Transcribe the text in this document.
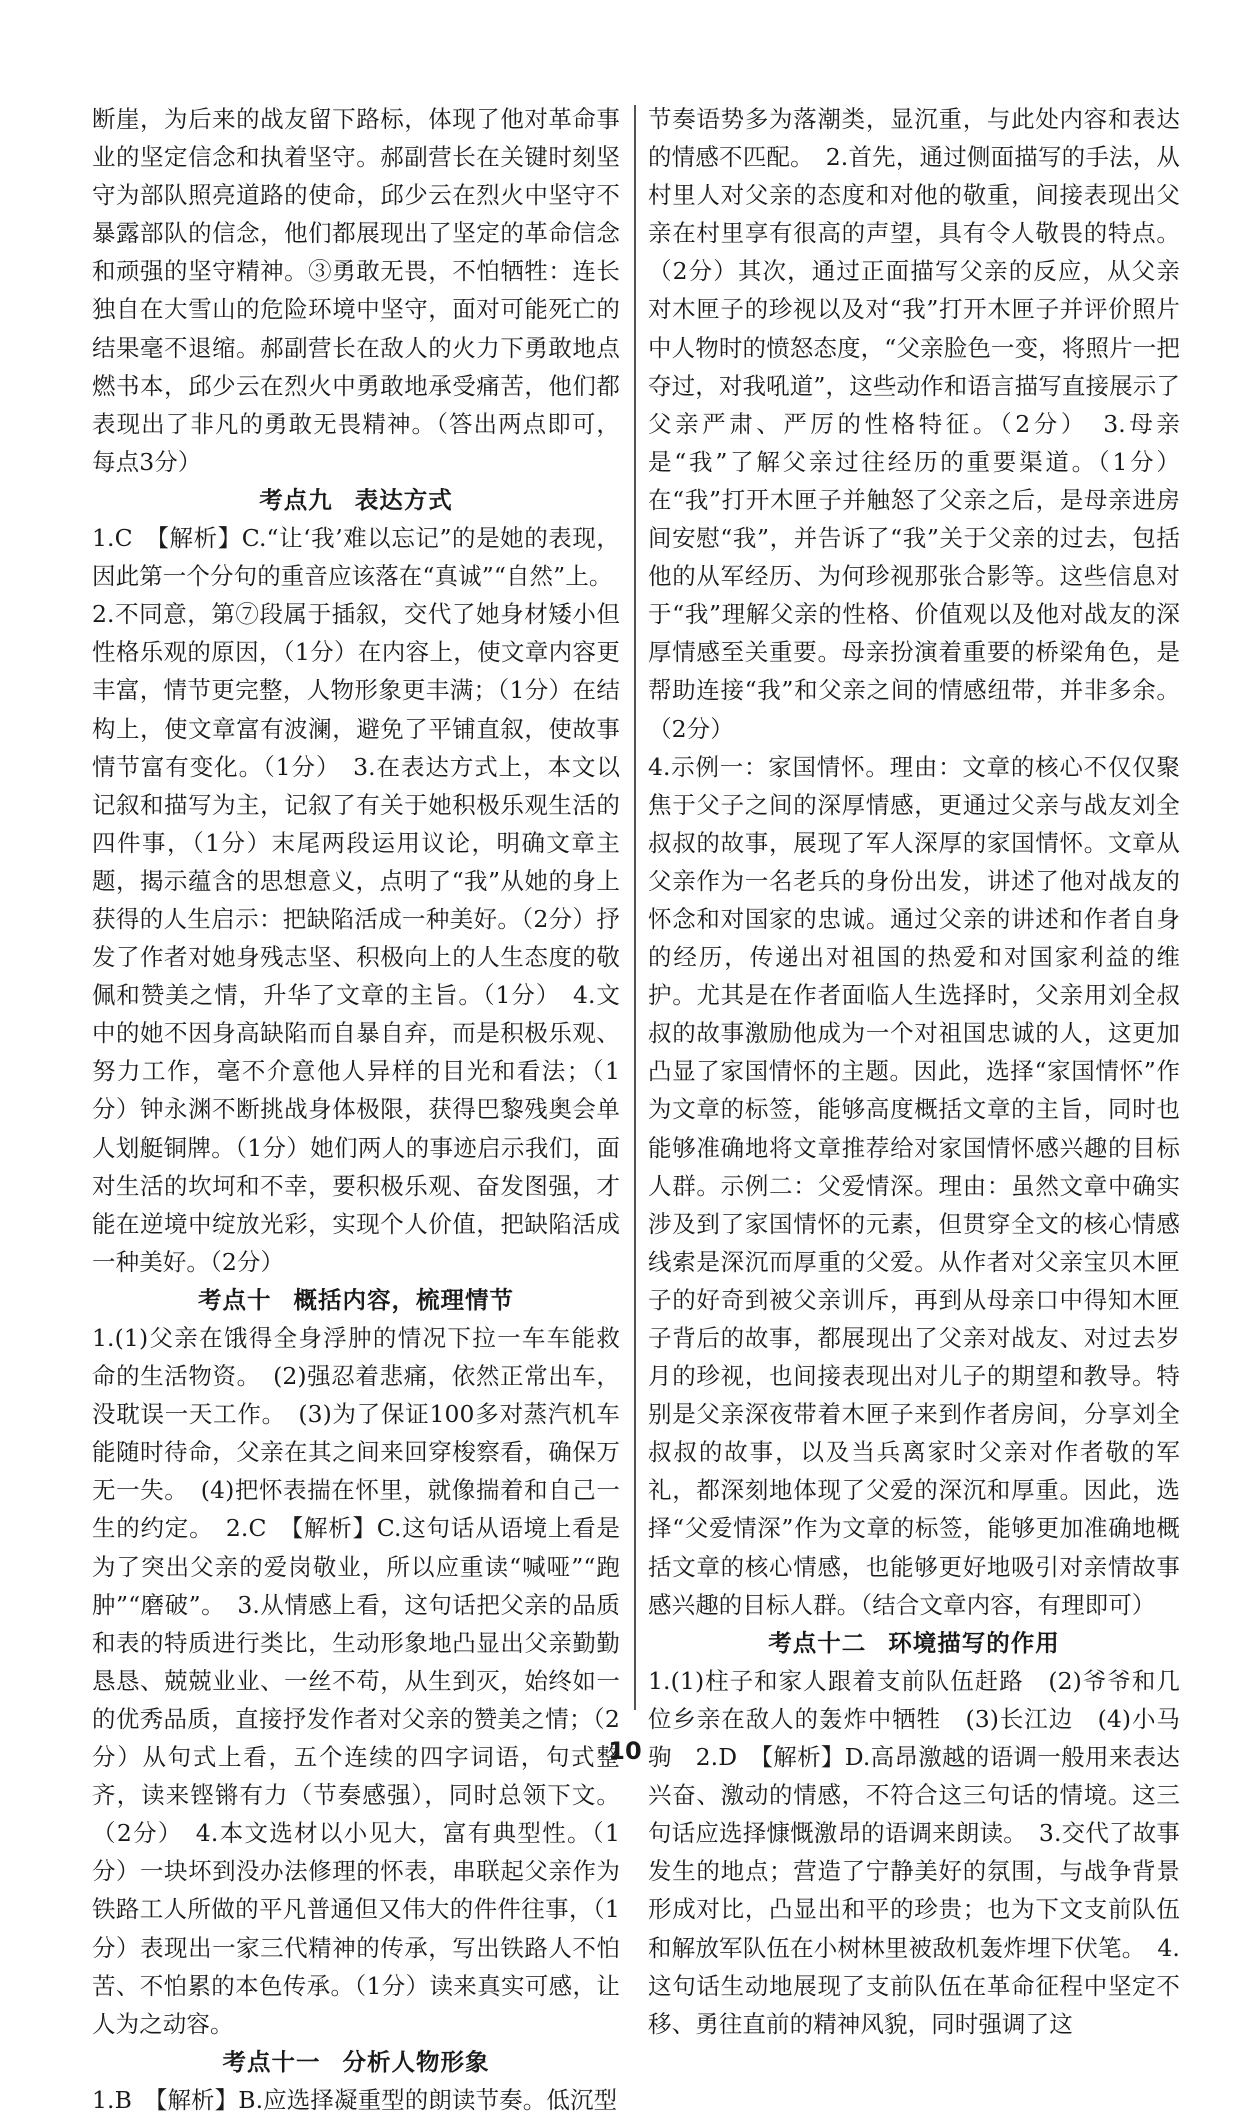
断崖，为后来的战友留下路标，体现了他对革命事业的坚定信念和执着坚守。郝副营长在关键时刻坚守为部队照亮道路的使命，邱少云在烈火中坚守不暴露部队的信念，他们都展现出了坚定的革命信念和顽强的坚守精神。③勇敢无畏，不怕牺牲：连长独自在大雪山的危险环境中坚守，面对可能死亡的结果毫不退缩。郝副营长在敌人的火力下勇敢地点燃书本，邱少云在烈火中勇敢地承受痛苦，他们都表现出了非凡的勇敢无畏精神。（答出两点即可，每点3分）

考点九 表达方式

1.C　【解析】C.“让‘我’难以忘记”的是她的表现，因此第一个分句的重音应该落在“真诚”“自然”上。

2.不同意，第⑦段属于插叙，交代了她身材矮小但性格乐观的原因，（1分）在内容上，使文章内容更丰富，情节更完整，人物形象更丰满；（1分）在结构上，使文章富有波澜，避免了平铺直叙，使故事情节富有变化。（1分）　3.在表达方式上，本文以记叙和描写为主，记叙了有关于她积极乐观生活的四件事，（1分）末尾两段运用议论，明确文章主题，揭示蕴含的思想意义，点明了“我”从她的身上获得的人生启示：把缺陷活成一种美好。（2分）抒发了作者对她身残志坚、积极向上的人生态度的敬佩和赞美之情，升华了文章的主旨。（1分）　4.文中的她不因身高缺陷而自暴自弃，而是积极乐观、努力工作，毫不介意他人异样的目光和看法；（1分）钟永渊不断挑战身体极限，获得巴黎残奥会单人划艇铜牌。（1分）她们两人的事迹启示我们，面对生活的坎坷和不幸，要积极乐观、奋发图强，才能在逆境中绽放光彩，实现个人价值，把缺陷活成一种美好。（2分）

考点十 概括内容，梳理情节

1.(1)父亲在饿得全身浮肿的情况下拉一车车能救命的生活物资。　(2)强忍着悲痛，依然正常出车，没耽误一天工作。　(3)为了保证100多对蒸汽机车能随时待命，父亲在其之间来回穿梭察看，确保万无一失。　(4)把怀表揣在怀里，就像揣着和自己一生的约定。　2.C　【解析】C.这句话从语境上看是为了突出父亲的爱岗敬业，所以应重读“喊哑”“跑肿”“磨破”。　3.从情感上看，这句话把父亲的品质和表的特质进行类比，生动形象地凸显出父亲勤勤恳恳、兢兢业业、一丝不苟，从生到灭，始终如一的优秀品质，直接抒发作者对父亲的赞美之情；（2分）从句式上看，五个连续的四字词语，句式整齐，读来铿锵有力（节奏感强），同时总领下文。（2分）　4.本文选材以小见大，富有典型性。（1分）一块坏到没办法修理的怀表，串联起父亲作为铁路工人所做的平凡普通但又伟大的件件往事，（1分）表现出一家三代精神的传承，写出铁路人不怕苦、不怕累的本色传承。（1分）读来真实可感，让人为之动容。

考点十一 分析人物形象

1.B　【解析】B.应选择凝重型的朗读节奏。低沉型

节奏语势多为落潮类，显沉重，与此处内容和表达的情感不匹配。　2.首先，通过侧面描写的手法，从村里人对父亲的态度和对他的敬重，间接表现出父亲在村里享有很高的声望，具有令人敬畏的特点。（2分）其次，通过正面描写父亲的反应，从父亲对木匣子的珍视以及对“我”打开木匣子并评价照片中人物时的愤怒态度，“父亲脸色一变，将照片一把夺过，对我吼道”，这些动作和语言描写直接展示了父亲严肃、严厉的性格特征。（2分）　3.母亲是“我”了解父亲过往经历的重要渠道。（1分）在“我”打开木匣子并触怒了父亲之后，是母亲进房间安慰“我”，并告诉了“我”关于父亲的过去，包括他的从军经历、为何珍视那张合影等。这些信息对于“我”理解父亲的性格、价值观以及他对战友的深厚情感至关重要。母亲扮演着重要的桥梁角色，是帮助连接“我”和父亲之间的情感纽带，并非多余。（2分）

4.示例一：家国情怀。理由：文章的核心不仅仅聚焦于父子之间的深厚情感，更通过父亲与战友刘全叔叔的故事，展现了军人深厚的家国情怀。文章从父亲作为一名老兵的身份出发，讲述了他对战友的怀念和对国家的忠诚。通过父亲的讲述和作者自身的经历，传递出对祖国的热爱和对国家利益的维护。尤其是在作者面临人生选择时，父亲用刘全叔叔的故事激励他成为一个对祖国忠诚的人，这更加凸显了家国情怀的主题。因此，选择“家国情怀”作为文章的标签，能够高度概括文章的主旨，同时也能够准确地将文章推荐给对家国情怀感兴趣的目标人群。示例二：父爱情深。理由：虽然文章中确实涉及到了家国情怀的元素，但贯穿全文的核心情感线索是深沉而厚重的父爱。从作者对父亲宝贝木匣子的好奇到被父亲训斥，再到从母亲口中得知木匣子背后的故事，都展现出了父亲对战友、对过去岁月的珍视，也间接表现出对儿子的期望和教导。特别是父亲深夜带着木匣子来到作者房间，分享刘全叔叔的故事，以及当兵离家时父亲对作者敬的军礼，都深刻地体现了父爱的深沉和厚重。因此，选择“父爱情深”作为文章的标签，能够更加准确地概括文章的核心情感，也能够更好地吸引对亲情故事感兴趣的目标人群。（结合文章内容，有理即可）

考点十二 环境描写的作用

1.(1)柱子和家人跟着支前队伍赶路　(2)爷爷和几位乡亲在敌人的轰炸中牺牲　(3)长江边　(4)小马驹　2.D　【解析】D.高昂激越的语调一般用来表达兴奋、激动的情感，不符合这三句话的情境。这三句话应选择慷慨激昂的语调来朗读。　3.交代了故事发生的地点；营造了宁静美好的氛围，与战争背景形成对比，凸显出和平的珍贵；也为下文支前队伍和解放军队伍在小树林里被敌机轰炸埋下伏笔。　4.这句话生动地展现了支前队伍在革命征程中坚定不移、勇往直前的精神风貌，同时强调了这

10
